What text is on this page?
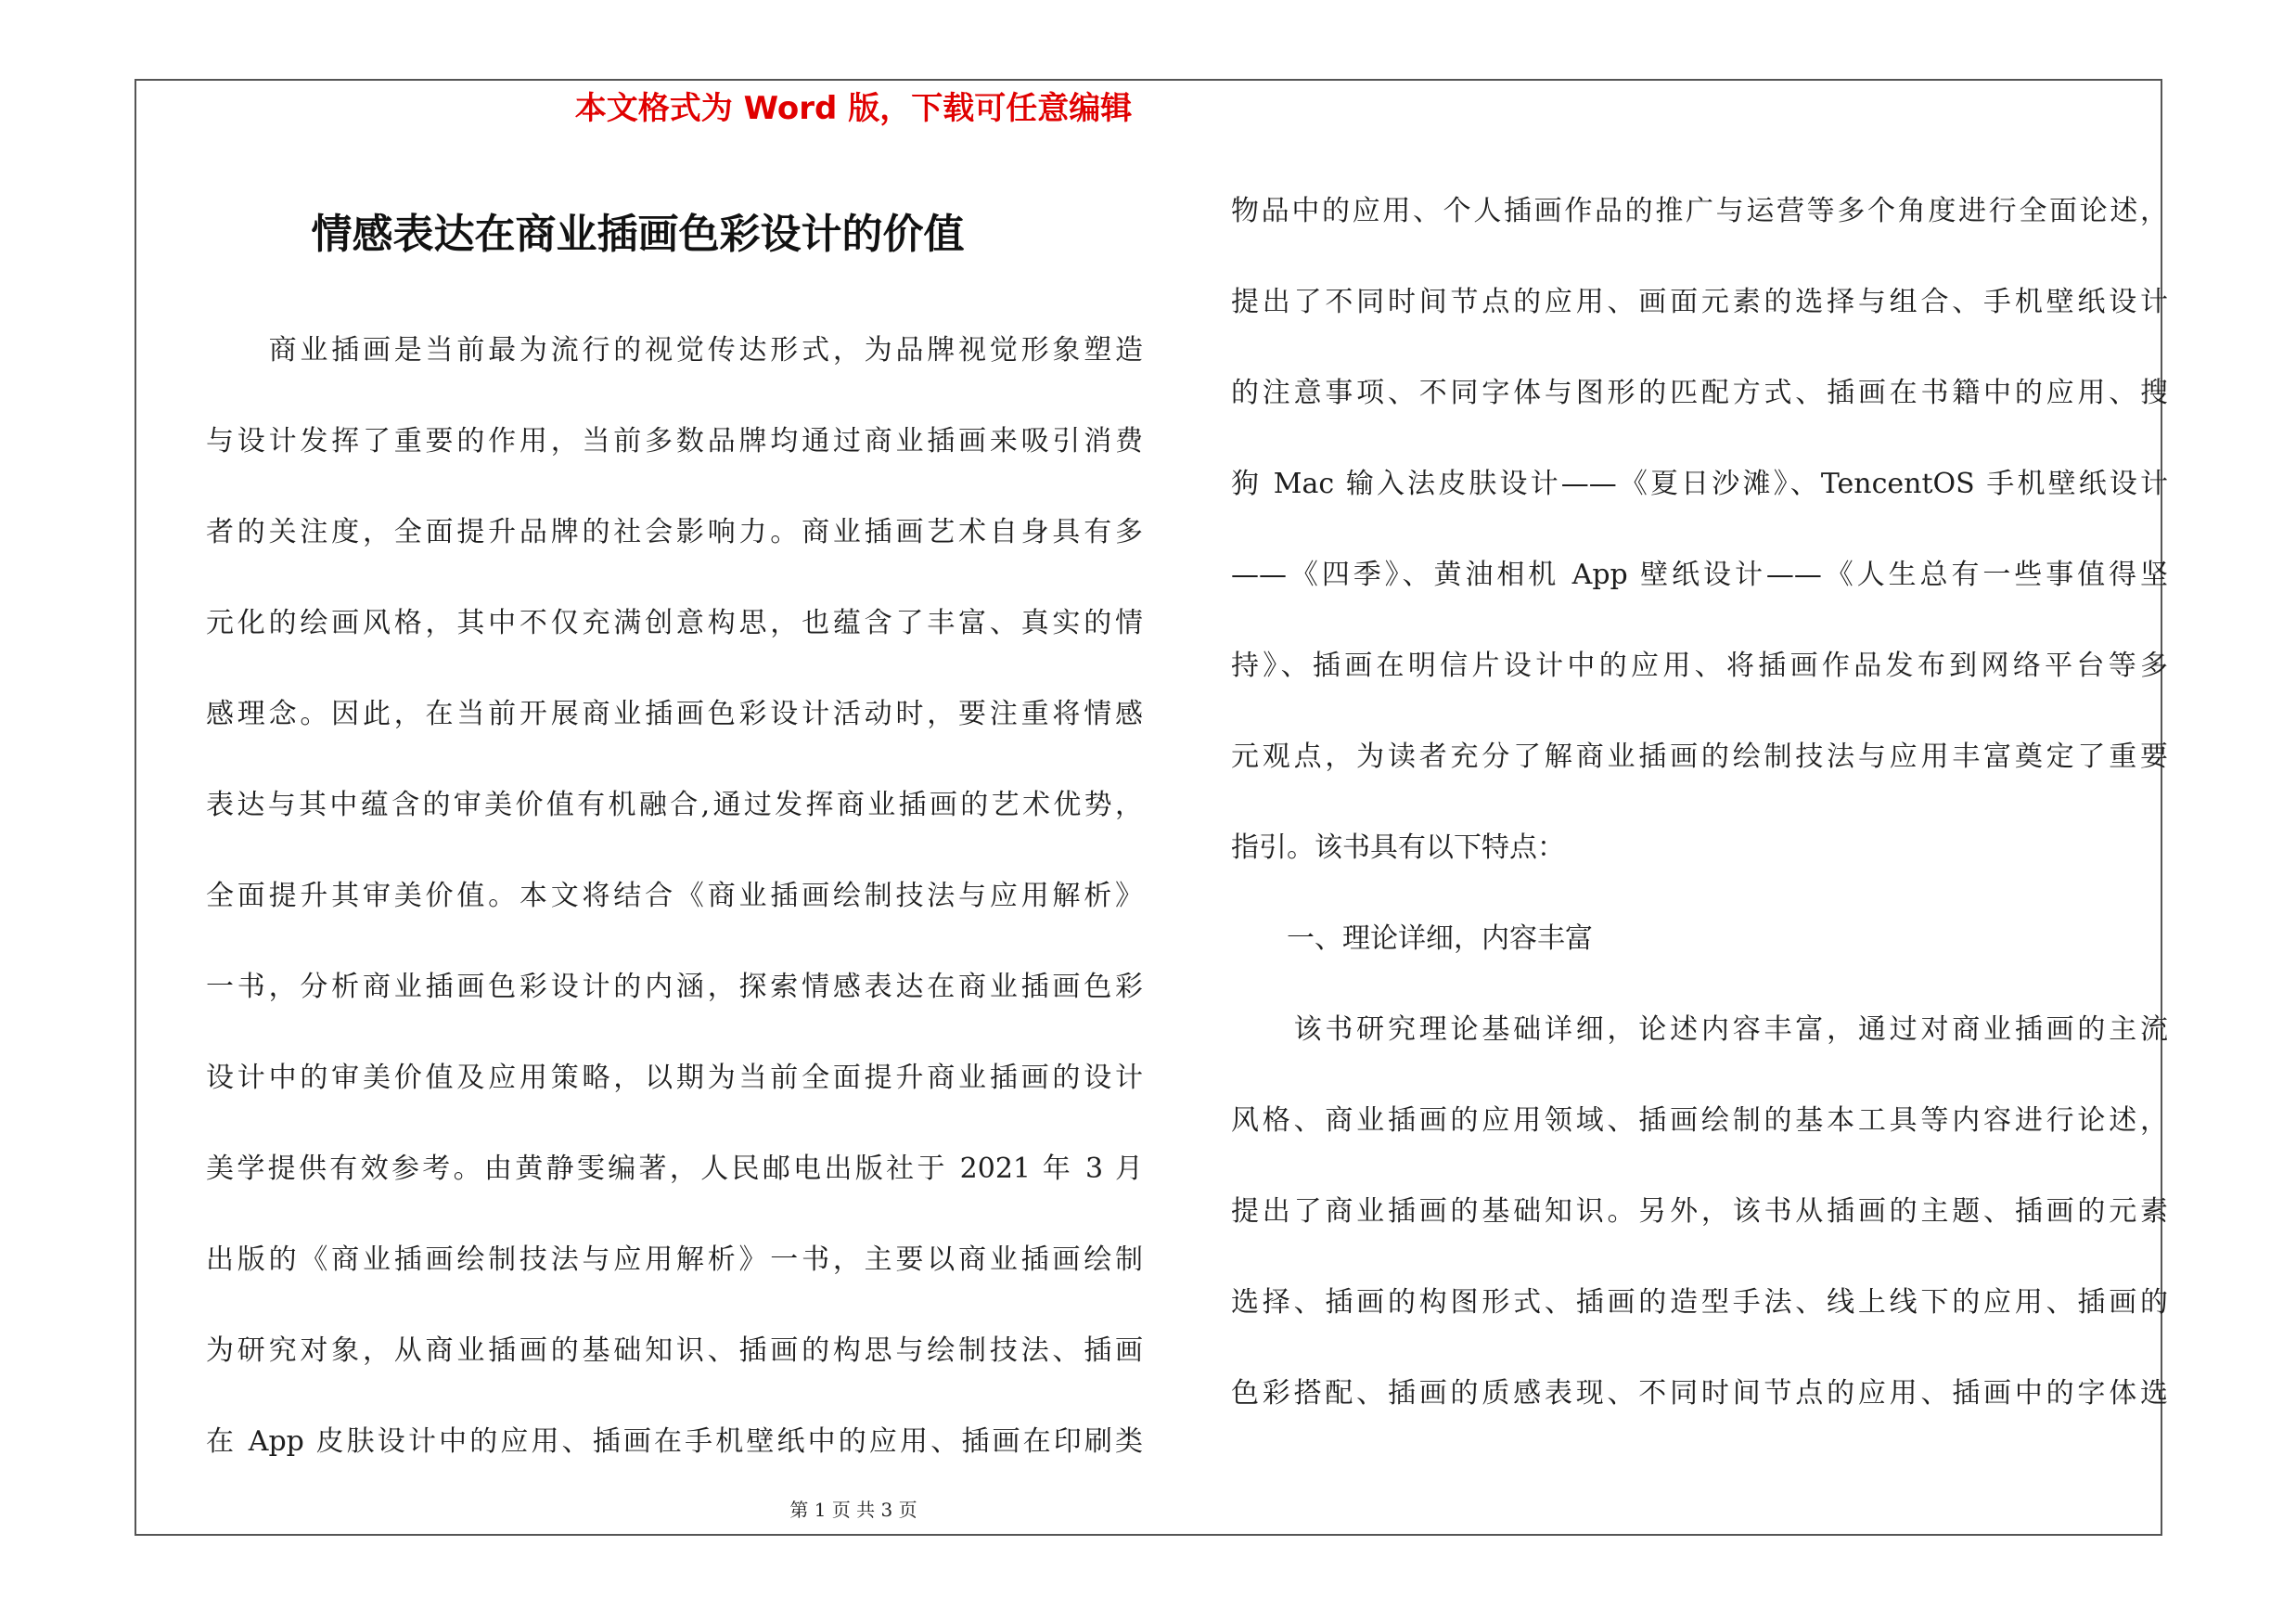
本文格式为 Word 版，下载可任意编辑
情感表达在商业插画色彩设计的价值
　　商业插画是当前最为流行的视觉传达形式，为品牌视觉形象塑造
与设计发挥了重要的作用，当前多数品牌均通过商业插画来吸引消费
者的关注度，全面提升品牌的社会影响力。商业插画艺术自身具有多
元化的绘画风格，其中不仅充满创意构思，也蕴含了丰富、真实的情
感理念。因此，在当前开展商业插画色彩设计活动时，要注重将情感
表达与其中蕴含的审美价值有机融合,通过发挥商业插画的艺术优势，
全面提升其审美价值。本文将结合《商业插画绘制技法与应用解析》
一书，分析商业插画色彩设计的内涵，探索情感表达在商业插画色彩
设计中的审美价值及应用策略，以期为当前全面提升商业插画的设计
美学提供有效参考。由黄静雯编著，人民邮电出版社于 2021 年 3 月
出版的《商业插画绘制技法与应用解析》一书，主要以商业插画绘制
为研究对象，从商业插画的基础知识、插画的构思与绘制技法、插画
在 App 皮肤设计中的应用、插画在手机壁纸中的应用、插画在印刷类
物品中的应用、个人插画作品的推广与运营等多个角度进行全面论述，
提出了不同时间节点的应用、画面元素的选择与组合、手机壁纸设计
的注意事项、不同字体与图形的匹配方式、插画在书籍中的应用、搜
狗 Mac 输入法皮肤设计——《夏日沙滩》、TencentOS 手机壁纸设计
——《四季》、黄油相机 App 壁纸设计——《人生总有一些事值得坚
持》、插画在明信片设计中的应用、将插画作品发布到网络平台等多
元观点，为读者充分了解商业插画的绘制技法与应用丰富奠定了重要
指引。该书具有以下特点：
　　一、理论详细，内容丰富
　　该书研究理论基础详细，论述内容丰富，通过对商业插画的主流
风格、商业插画的应用领域、插画绘制的基本工具等内容进行论述，
提出了商业插画的基础知识。另外，该书从插画的主题、插画的元素
选择、插画的构图形式、插画的造型手法、线上线下的应用、插画的
色彩搭配、插画的质感表现、不同时间节点的应用、插画中的字体选
第 1 页 共 3 页
